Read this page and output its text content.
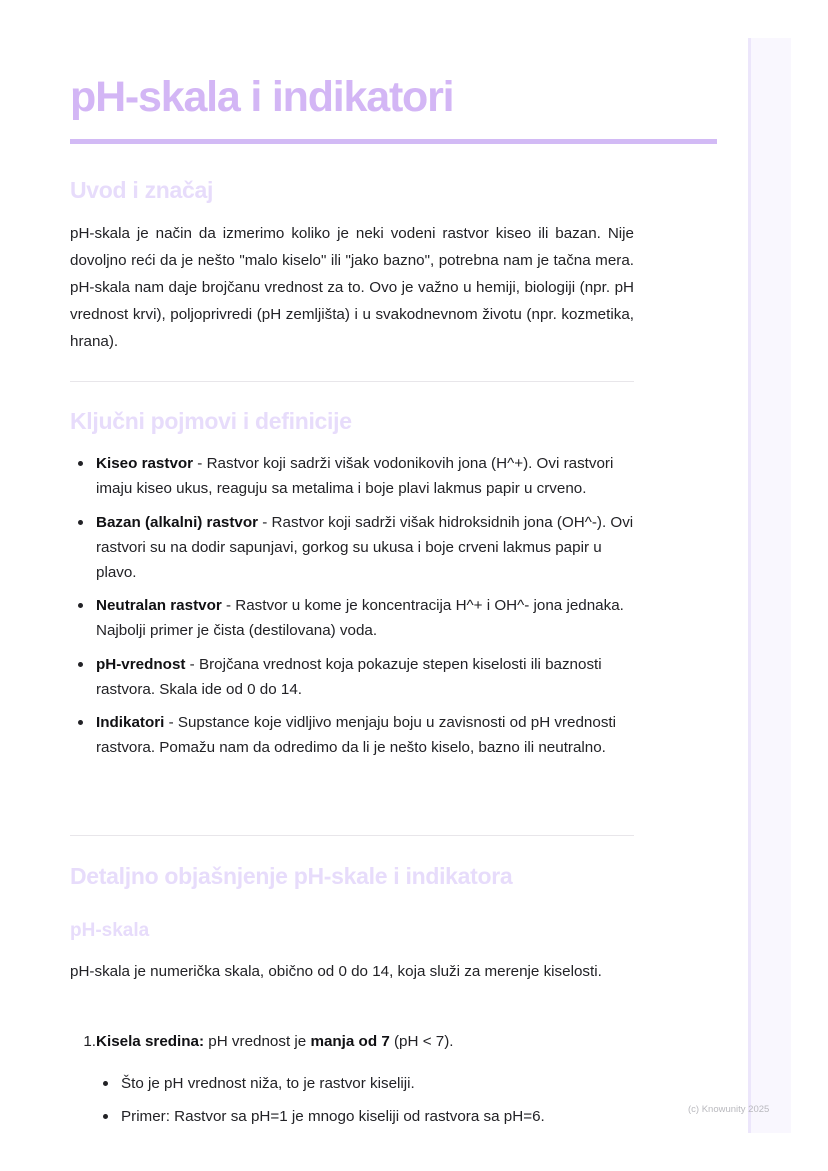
pH-skala i indikatori
Uvod i značaj

pH-skala je način da izmerimo koliko je neki vodeni rastvor kiseo ili bazan. Nije dovoljno reći da je nešto "malo kiselo" ili "jako bazno", potrebna nam je tačna mera. pH-skala nam daje brojčanu vrednost za to. Ovo je važno u hemiji, biologiji (npr. pH vrednost krvi), poljoprivredi (pH zemljišta) i u svakodnevnom životu (npr. kozmetika, hrana).

Ključni pojmovi i definicije
Kiseo rastvor - Rastvor koji sadrži višak vodonikovih jona (H^+). Ovi rastvori imaju kiseo ukus, reaguju sa metalima i boje plavi lakmus papir u crveno.
Bazan (alkalni) rastvor - Rastvor koji sadrži višak hidroksidnih jona (OH^-). Ovi rastvori su na dodir sapunjavi, gorkog su ukusa i boje crveni lakmus papir u plavo.
Neutralan rastvor - Rastvor u kome je koncentracija H^+ i OH^- jona jednaka. Najbolji primer je čista (destilovana) voda.
pH-vrednost - Brojčana vrednost koja pokazuje stepen kiselosti ili baznosti rastvora. Skala ide od 0 do 14.
Indikatori - Supstance koje vidljivo menjaju boju u zavisnosti od pH vrednosti rastvora. Pomažu nam da odredimo da li je nešto kiselo, bazno ili neutralno.
Detaljno objašnjenje pH-skale i indikatora
pH-skala

pH-skala je numerička skala, obično od 0 do 14, koja služi za merenje kiselosti.

1.Kisela sredina: pH vrednost je manja od 7 (pH < 7).
Što je pH vrednost niža, to je rastvor kiseliji.
Primer: Rastvor sa pH=1 je mnogo kiseliji od rastvora sa pH=6.	(c) Knowunity 2025
